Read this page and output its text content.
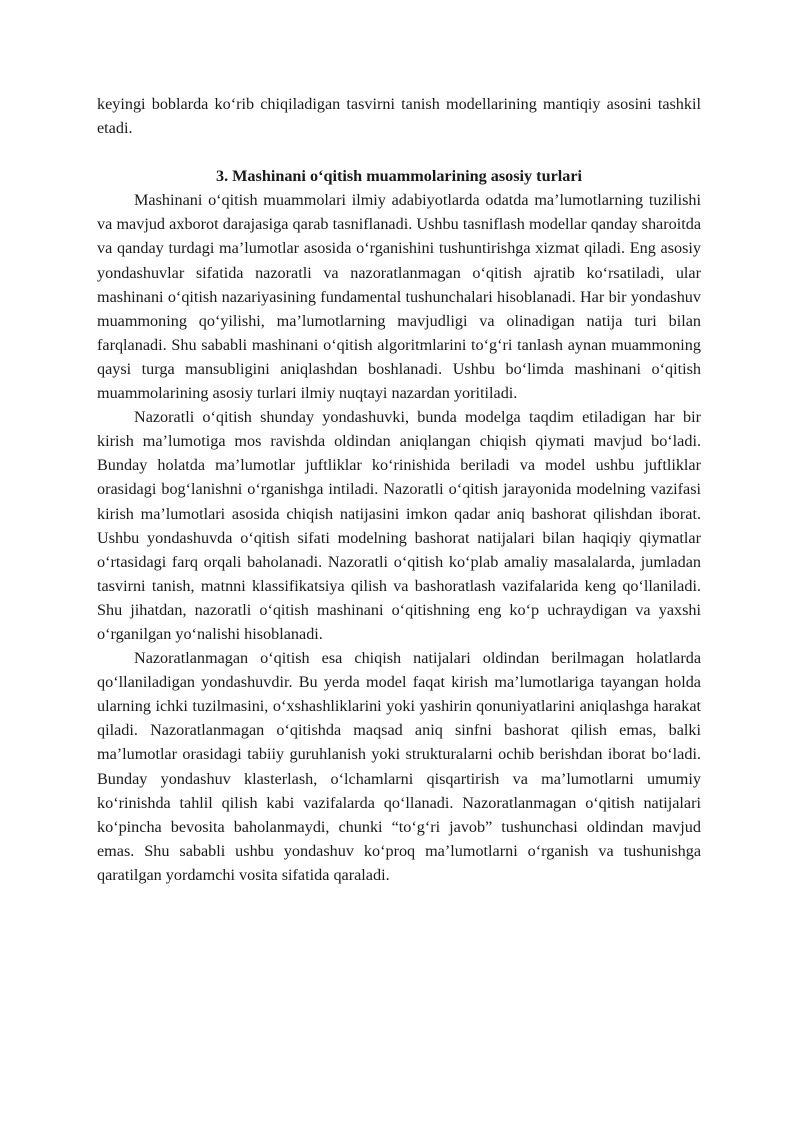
keyingi boblarda ko‘rib chiqiladigan tasvirni tanish modellarining mantiqiy asosini tashkil etadi.

3. Mashinani o‘qitish muammolarining asosiy turlari

Mashinani o‘qitish muammolari ilmiy adabiyotlarda odatda ma’lumotlarning tuzilishi va mavjud axborot darajasiga qarab tasniflanadi. Ushbu tasniflash modellar qanday sharoitda va qanday turdagi ma’lumotlar asosida o‘rganishini tushuntirishga xizmat qiladi. Eng asosiy yondashuvlar sifatida nazoratli va nazoratlanmagan o‘qitish ajratib ko‘rsatiladi, ular mashinani o‘qitish nazariyasining fundamental tushunchalari hisoblanadi. Har bir yondashuv muammoning qo‘yilishi, ma’lumotlarning mavjudligi va olinadigan natija turi bilan farqlanadi. Shu sababli mashinani o‘qitish algoritmlarini to‘g‘ri tanlash aynan muammoning qaysi turga mansubligini aniqlashdan boshlanadi. Ushbu bo‘limda mashinani o‘qitish muammolarining asosiy turlari ilmiy nuqtayi nazardan yoritiladi.

Nazoratli o‘qitish shunday yondashuvki, bunda modelga taqdim etiladigan har bir kirish ma’lumotiga mos ravishda oldindan aniqlangan chiqish qiymati mavjud bo‘ladi. Bunday holatda ma’lumotlar juftliklar ko‘rinishida beriladi va model ushbu juftliklar orasidagi bog‘lanishni o‘rganishga intiladi. Nazoratli o‘qitish jarayonida modelning vazifasi kirish ma’lumotlari asosida chiqish natijasini imkon qadar aniq bashorat qilishdan iborat. Ushbu yondashuvda o‘qitish sifati modelning bashorat natijalari bilan haqiqiy qiymatlar o‘rtasidagi farq orqali baholanadi. Nazoratli o‘qitish ko‘plab amaliy masalalarda, jumladan tasvirni tanish, matnni klassifikatsiya qilish va bashoratlash vazifalarida keng qo‘llaniladi. Shu jihatdan, nazoratli o‘qitish mashinani o‘qitishning eng ko‘p uchraydigan va yaxshi o‘rganilgan yo‘nalishi hisoblanadi.

Nazoratlanmagan o‘qitish esa chiqish natijalari oldindan berilmagan holatlarda qo‘llaniladigan yondashuvdir. Bu yerda model faqat kirish ma’lumotlariga tayangan holda ularning ichki tuzilmasini, o‘xshashliklarini yoki yashirin qonuniyatlarini aniqlashga harakat qiladi. Nazoratlanmagan o‘qitishda maqsad aniq sinfni bashorat qilish emas, balki ma’lumotlar orasidagi tabiiy guruhlanish yoki strukturalarni ochib berishdan iborat bo‘ladi. Bunday yondashuv klasterlash, o‘lchamlarni qisqartirish va ma’lumotlarni umumiy ko‘rinishda tahlil qilish kabi vazifalarda qo‘llanadi. Nazoratlanmagan o‘qitish natijalari ko‘pincha bevosita baholanmaydi, chunki “to‘g‘ri javob” tushunchasi oldindan mavjud emas. Shu sababli ushbu yondashuv ko‘proq ma’lumotlarni o‘rganish va tushunishga qaratilgan yordamchi vosita sifatida qaraladi.
